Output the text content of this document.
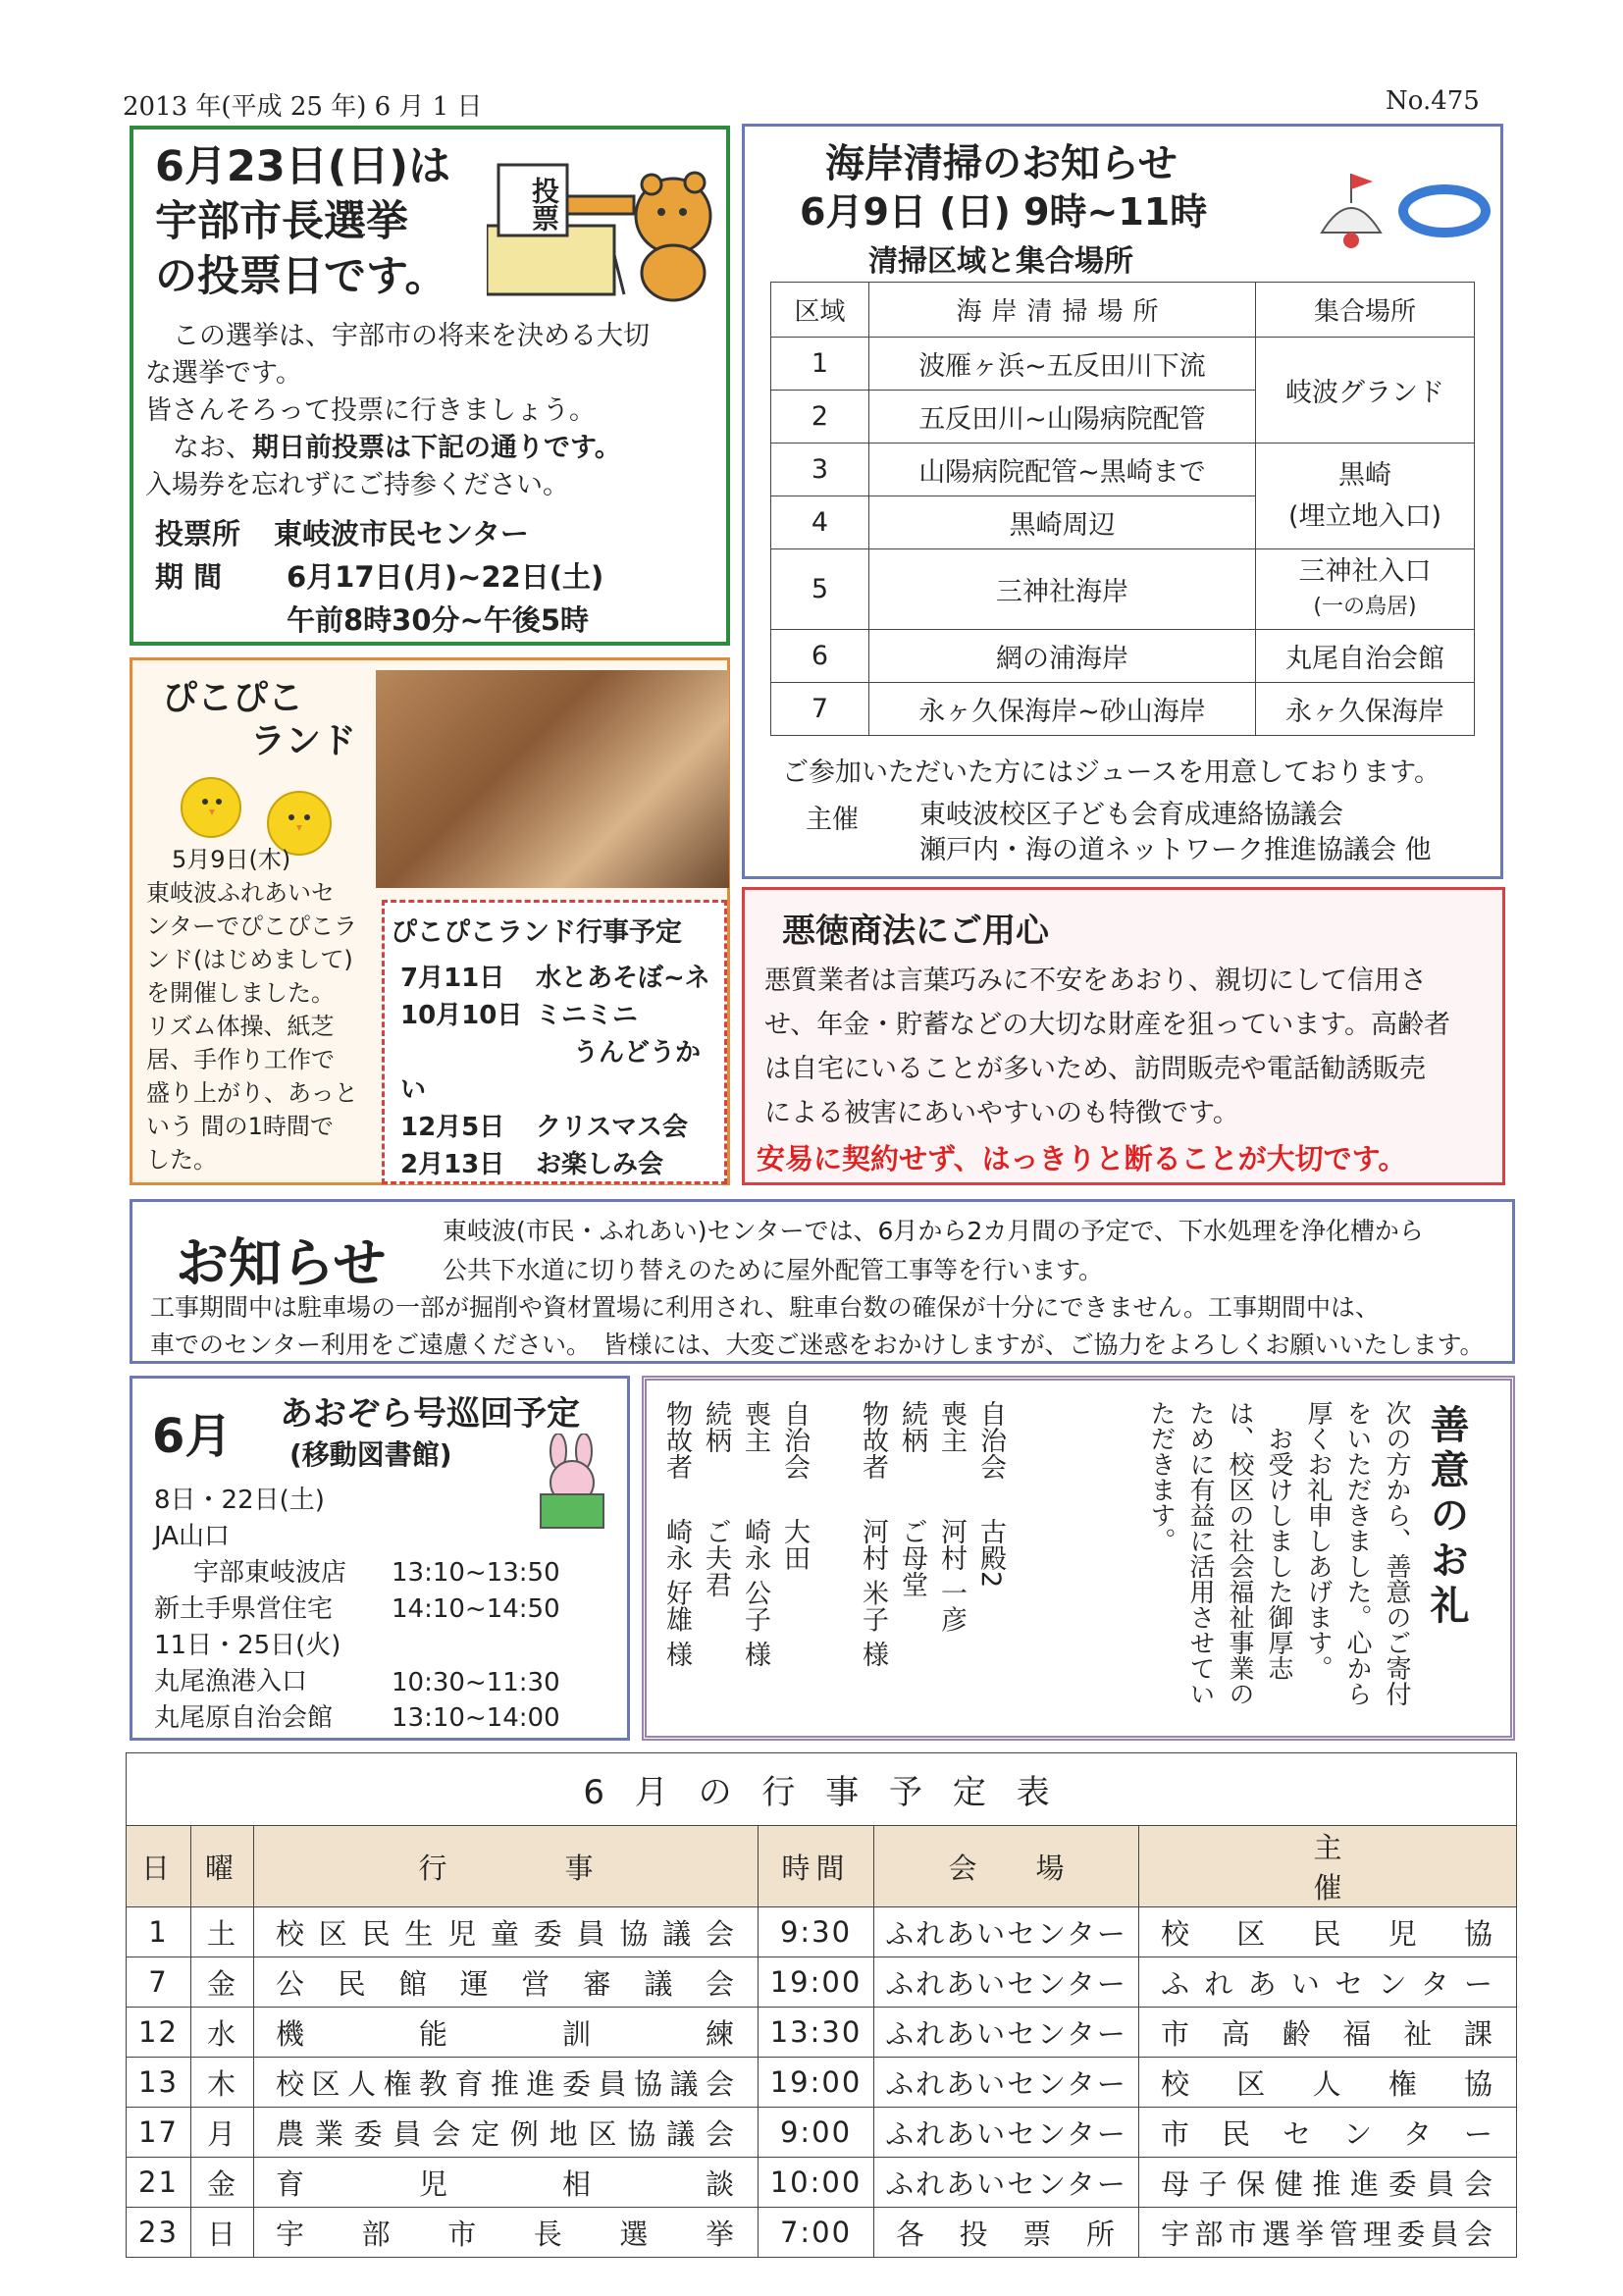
2013 年(平成 25 年) 6 月 1 日	No.475
6月23日(日)は
宇部市長選挙
の投票日です。
投票
この選挙は、宇部市の将来を決める大切
な選挙です。
皆さんそろって投票に行きましょう。
なお、期日前投票は下記の通りです。
入場券を忘れずにご持参ください。
投票所 東岐波市民センター
期 間 6月17日(月)~22日(土)
午前8時30分~午後5時
海岸清掃のお知らせ
6月9日 (日) 9時~11時
清掃区域と集合場所
区域	海岸清掃場所	集合場所
1	波雁ヶ浜~五反田川下流	岐波グランド
2	五反田川~山陽病院配管	
3	山陽病院配管~黒崎まで	黒崎
(埋立地入口)

4	黒崎周辺	
5	三神社海岸	三神社入口
(一の鳥居)

6	網の浦海岸	丸尾自治会館
7	永ヶ久保海岸~砂山海岸	永ヶ久保海岸
ご参加いただいた方にはジュースを用意しております。
主催 東岐波校区子ども会育成連絡協議会
瀬戸内・海の道ネットワーク推進協議会 他
ぴこぴこ
ランド
5月9日(木)
東岐波ふれあいセ
ンターでぴこぴこラ
ンド(はじめまして)
を開催しました。
リズム体操、紙芝
居、手作り工作で
盛り上がり、あっと
いう 間の1時間で
した。
ぴこぴこランド行事予定
7月11日 水とあそぼ~ネ
10月10日 ミニミニ
うんどうかい
12月5日 クリスマス会
2月13日 お楽しみ会
悪徳商法にご用心
悪質業者は言葉巧みに不安をあおり、親切にして信用さ
せ、年金・貯蓄などの大切な財産を狙っています。高齢者
は自宅にいることが多いため、訪問販売や電話勧誘販売
による被害にあいやすいのも特徴です。
安易に契約せず、はっきりと断ることが大切です。
お知らせ
東岐波(市民・ふれあい)センターでは、6月から2カ月間の予定で、下水処理を浄化槽から
公共下水道に切り替えのために屋外配管工事等を行います。
工事期間中は駐車場の一部が掘削や資材置場に利用され、駐車台数の確保が十分にできません。工事期間中は、
車でのセンター利用をご遠慮ください。　皆様には、大変ご迷惑をおかけしますが、ご協力をよろしくお願いいたします。
6月 あおぞら号巡回予定
(移動図書館)
8日・22日(土)
JA山口
宇部東岐波店 13:10~13:50
新土手県営住宅 14:10~14:50
11日・25日(火)
丸尾漁港入口	10:30~11:30
丸尾原自治会館 13:10~14:00
善意のお礼
次の方から、善意のご寄付をいただきました。心から厚くお礼申しあげます。
お受けしました御厚志は、校区の社会福祉事業のために有益に活用させていただきます。
自治会古殿2
喪主河村 一彦
続柄ご母堂
物故者河村 米子 様
自治会大田
喪主崎永 公子 様
続柄ご夫君
物故者崎永 好雄 様
6 月 の 行 事 予 定 表					
日	曜	行事	時間	会場	主催
1	土	校区民生児童委員協議会	9:30	ふれあいセンター	校区民児協
7	金	公民館運営審議会	19:00	ふれあいセンター	ふれあいセンター
12	水	機能訓練	13:30	ふれあいセンター	市高齢福祉課
13	木	校区人権教育推進委員協議会	19:00	ふれあいセンター	校区人権協
17	月	農業委員会定例地区協議会	9:00	ふれあいセンター	市民センター
21	金	育児相談	10:00	ふれあいセンター	母子保健推進委員会
23	日	宇部市長選挙	7:00	各投票所	宇部市選挙管理委員会
